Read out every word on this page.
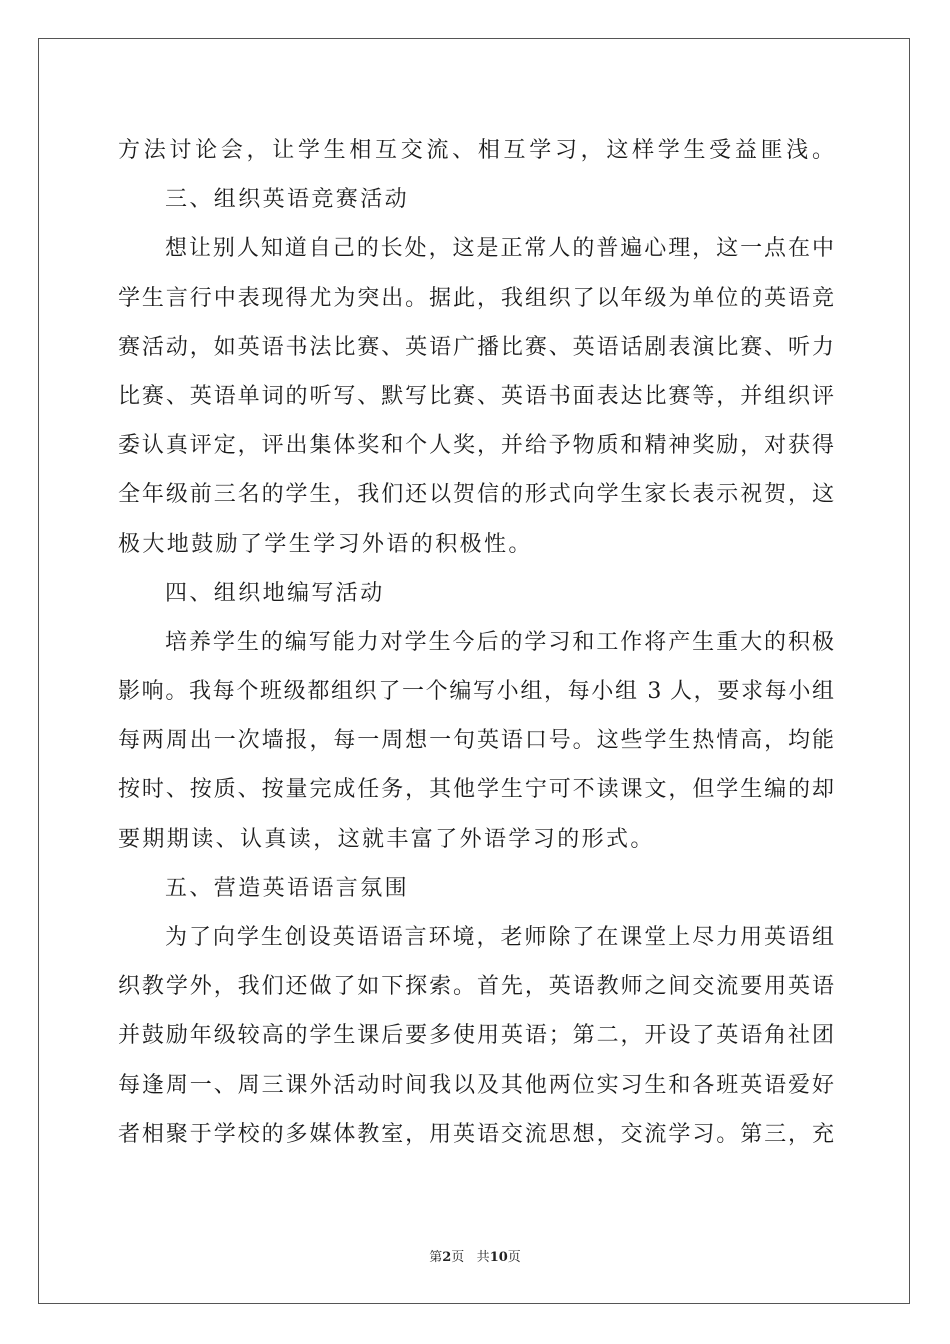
方法讨论会，让学生相互交流、相互学习，这样学生受益匪浅。
三、组织英语竞赛活动
想让别人知道自己的长处，这是正常人的普遍心理，这一点在中
学生言行中表现得尤为突出。据此，我组织了以年级为单位的英语竞
赛活动，如英语书法比赛、英语广播比赛、英语话剧表演比赛、听力
比赛、英语单词的听写、默写比赛、英语书面表达比赛等，并组织评
委认真评定，评出集体奖和个人奖，并给予物质和精神奖励，对获得
全年级前三名的学生，我们还以贺信的形式向学生家长表示祝贺，这
极大地鼓励了学生学习外语的积极性。
四、组织地编写活动
培养学生的编写能力对学生今后的学习和工作将产生重大的积极
影响。我每个班级都组织了一个编写小组，每小组 3 人，要求每小组
每两周出一次墙报，每一周想一句英语口号。这些学生热情高，均能
按时、按质、按量完成任务，其他学生宁可不读课文，但学生编的却
要期期读、认真读，这就丰富了外语学习的形式。
五、营造英语语言氛围
为了向学生创设英语语言环境，老师除了在课堂上尽力用英语组
织教学外，我们还做了如下探索。首先，英语教师之间交流要用英语
并鼓励年级较高的学生课后要多使用英语；第二，开设了英语角社团
每逢周一、周三课外活动时间我以及其他两位实习生和各班英语爱好
者相聚于学校的多媒体教室，用英语交流思想，交流学习。第三，充
第2页 共10页
